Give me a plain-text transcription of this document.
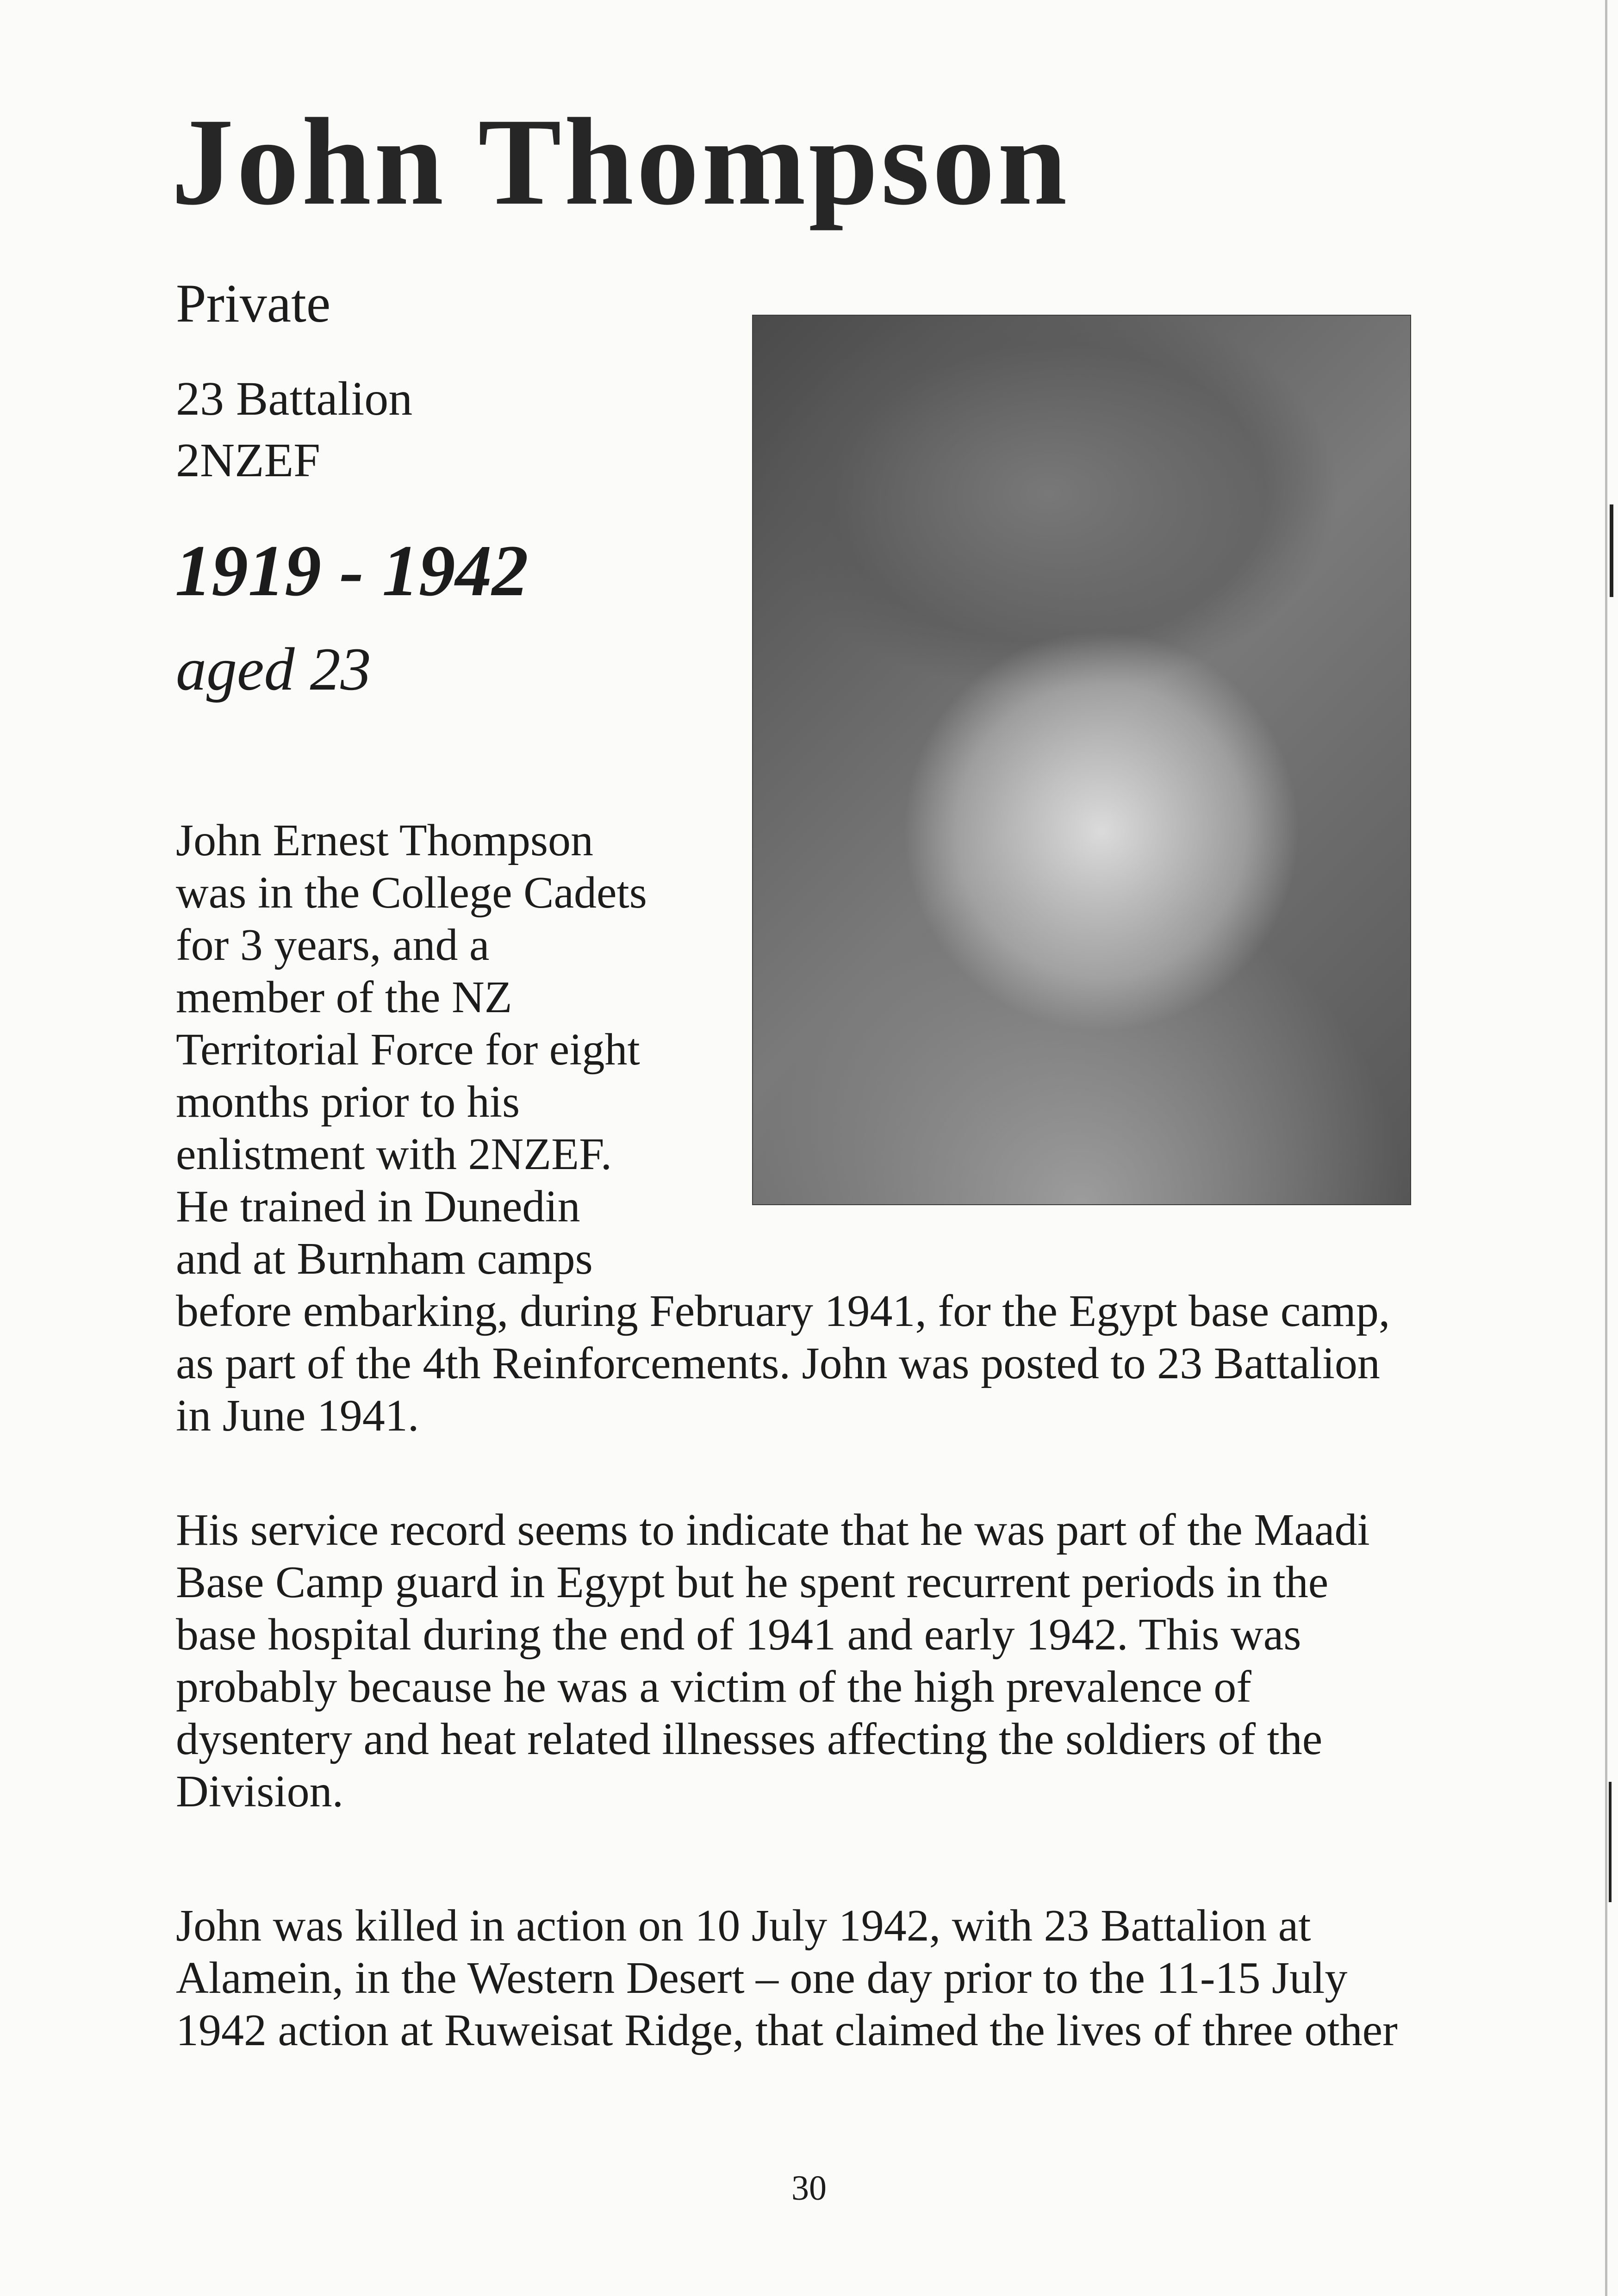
John Thompson
Private
23 Battalion
2NZEF
1919 - 1942
aged 23
John Ernest Thompson
was in the College Cadets
for 3 years, and a
member of the NZ
Territorial Force for eight
months prior to his
enlistment with 2NZEF.
He trained in Dunedin
and at Burnham camps
before embarking, during February 1941, for the Egypt base camp,
as part of the 4th Reinforcements. John was posted to 23 Battalion
in June 1941.
His service record seems to indicate that he was part of the Maadi
Base Camp guard in Egypt but he spent recurrent periods in the
base hospital during the end of 1941 and early 1942. This was
probably because he was a victim of the high prevalence of
dysentery and heat related illnesses affecting the soldiers of the
Division.
John was killed in action on 10 July 1942, with 23 Battalion at
Alamein, in the Western Desert – one day prior to the 11-15 July
1942 action at Ruweisat Ridge, that claimed the lives of three other
30
